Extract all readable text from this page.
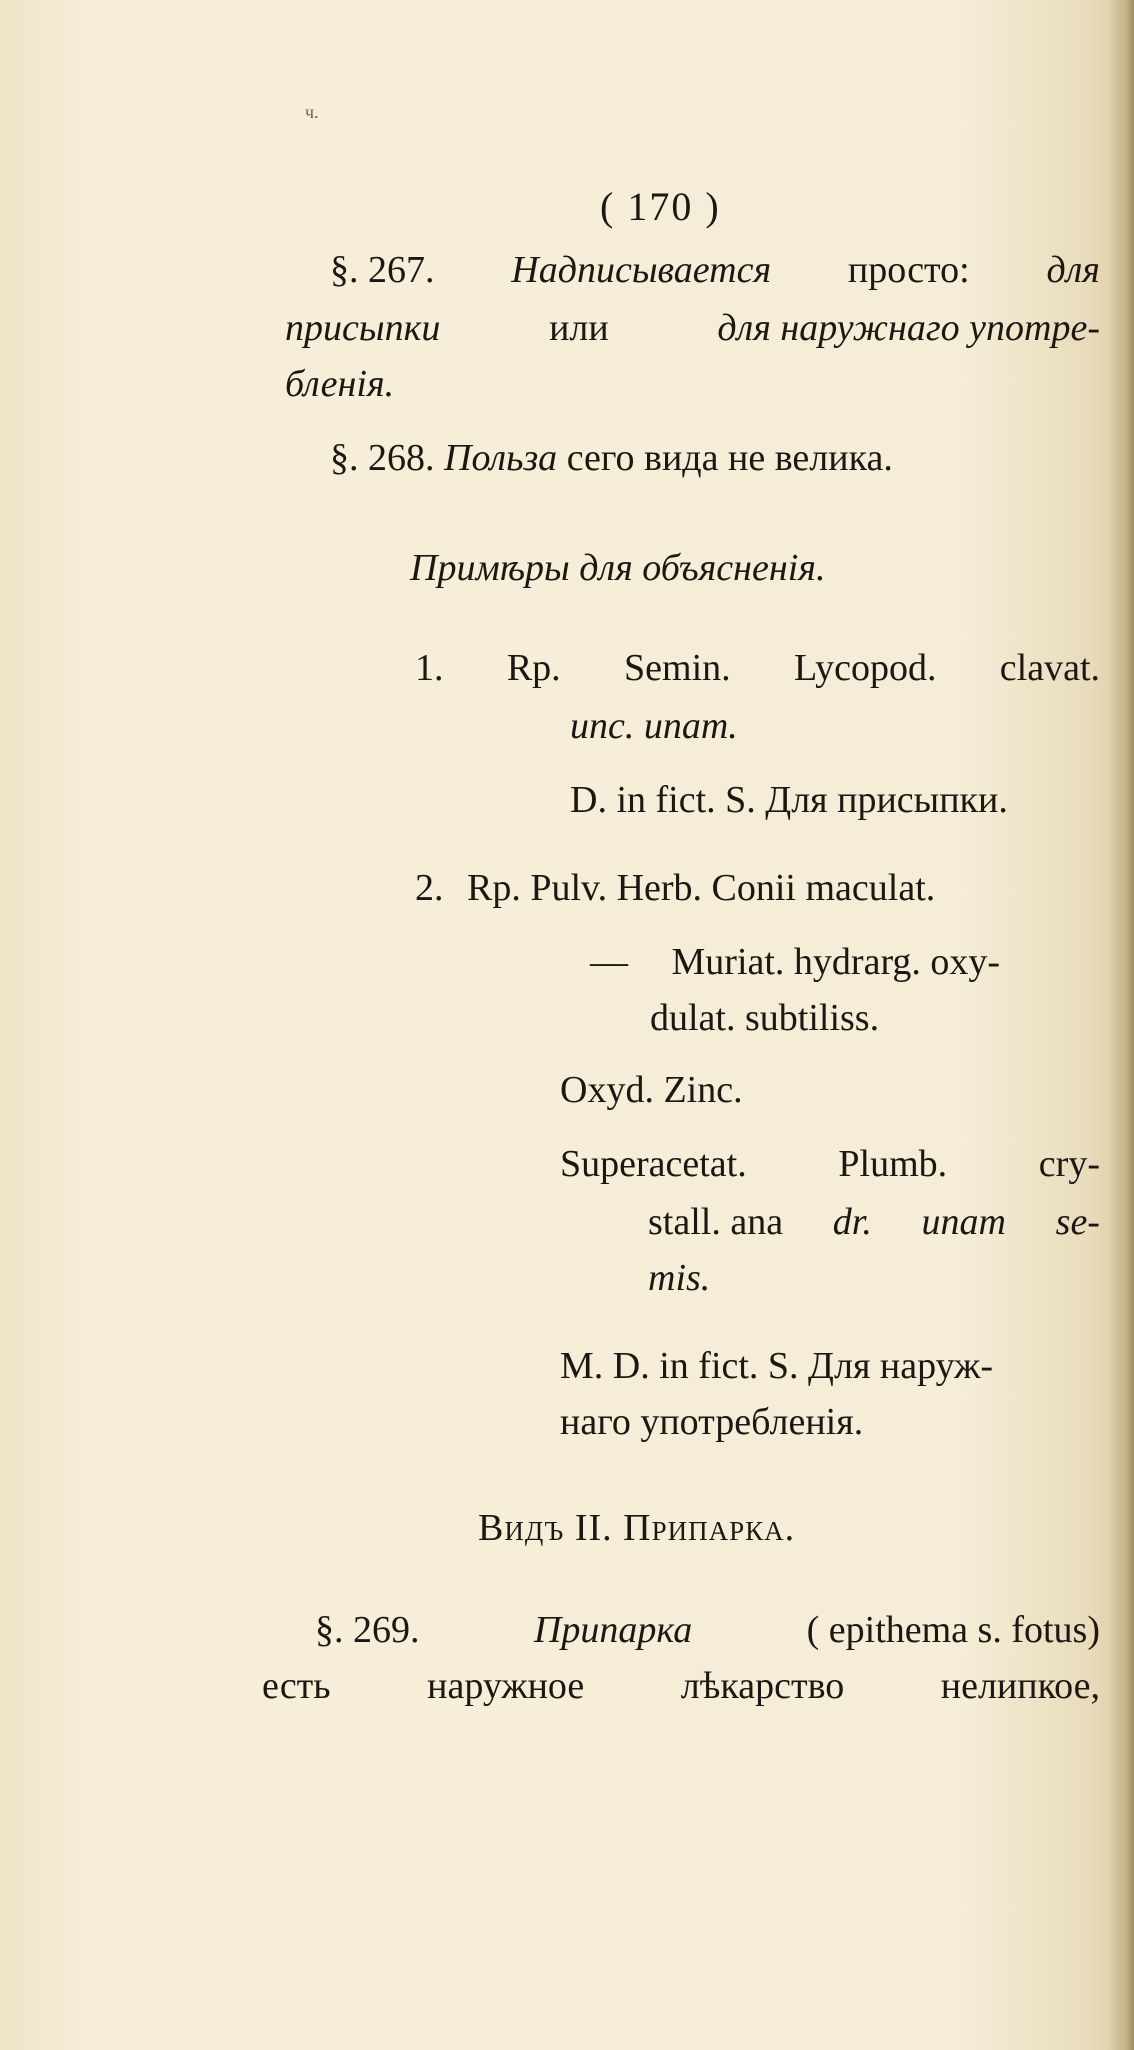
ч.
( 170 )
§. 267. Надписывается просто: для
присыпки	или	для наружнаго употре-
бленія.
§. 268. Польза сего вида не велика.
Примѣры для объясненія.
1. Rp. Semin. Lycopod. clavat.
unc. unam.
D. in fict. S. Для присыпки.
2. Rp. Pulv. Herb. Conii maculat.
— Muriat. hydrarg. oxy-
dulat. subtiliss.
Oxyd. Zinc.
Superacetat. Plumb. cry-
stall. ana dr. unam se-
mis.
M. D. in fict. S. Для наруж-
наго употребленія.
Видъ II. Припарка.
§. 269.	Припарка	( epithema s. fotus)
есть	наружное	лѣкарство	нелипкое,
